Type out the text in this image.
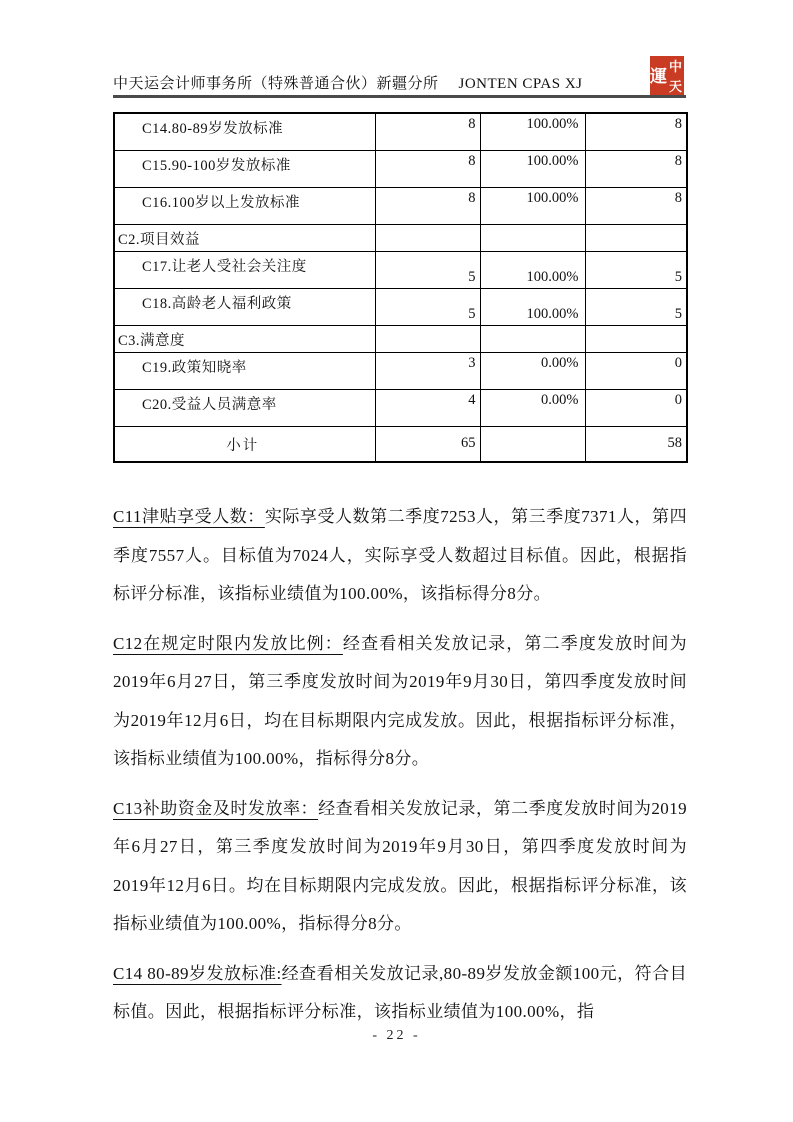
中天运会计师事务所（特殊普通合伙）新疆分所 JONTEN CPAS XJ
中
運
天
C14.80-89岁发放标准	8	100.00%	8
C15.90-100岁发放标准	8	100.00%	8
C16.100岁以上发放标准	8	100.00%	8
C2.项目效益			
C17.让老人受社会关注度	5	100.00%	5
C18.高龄老人福利政策	5	100.00%	5
C3.满意度			
C19.政策知晓率	3	0.00%	0
C20.受益人员满意率	4	0.00%	0
小计	65		58

C11津贴享受人数：实际享受人数第二季度7253人，第三季度7371人，第四季度7557人。目标值为7024人，实际享受人数超过目标值。因此，根据指标评分标准，该指标业绩值为100.00%，该指标得分8分。

C12在规定时限内发放比例：经查看相关发放记录，第二季度发放时间为2019年6月27日，第三季度发放时间为2019年9月30日，第四季度发放时间为2019年12月6日，均在目标期限内完成发放。因此，根据指标评分标准，该指标业绩值为100.00%，指标得分8分。

C13补助资金及时发放率：经查看相关发放记录，第二季度发放时间为2019年6月27日，第三季度发放时间为2019年9月30日，第四季度发放时间为2019年12月6日。均在目标期限内完成发放。因此，根据指标评分标准，该指标业绩值为100.00%，指标得分8分。

C14 80-89岁发放标准:经查看相关发放记录,80-89岁发放金额100元，符合目标值。因此，根据指标评分标准，该指标业绩值为100.00%，指

- 22 -
